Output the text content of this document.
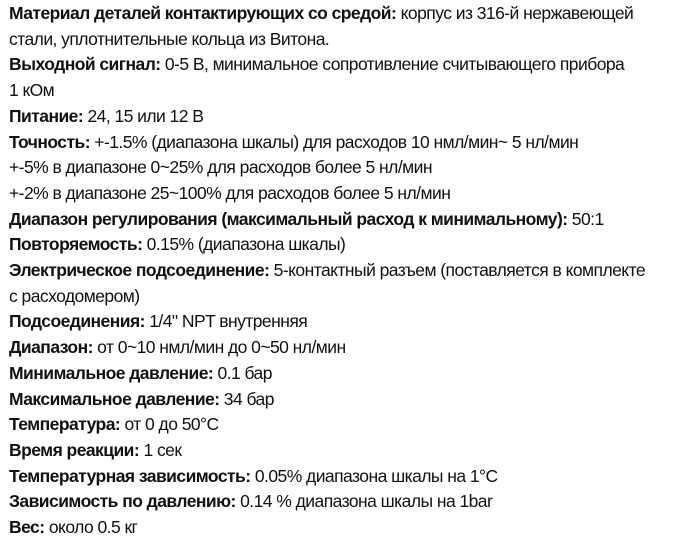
Материал деталей контактирующих со средой: корпус из 316-й нержавеющей
стали, уплотнительные кольца из Витона.
Выходной сигнал: 0-5 В, минимальное сопротивление считывающего прибора
1 кОм
Питание: 24, 15 или 12 В
Точность: +-1.5% (диапазона шкалы) для расходов 10 нмл/мин~ 5 нл/мин
+-5% в диапазоне 0~25% для расходов более 5 нл/мин
+-2% в диапазоне 25~100% для расходов более 5 нл/мин
Диапазон регулирования (максимальный расход к минимальному): 50:1
Повторяемость: 0.15% (диапазона шкалы)
Электрическое подсоединение: 5-контактный разъем (поставляется в комплекте
с расходомером)
Подсоединения: 1/4" NPT внутренняя
Диапазон: от 0~10 нмл/мин до 0~50 нл/мин
Минимальное давление: 0.1 бар
Максимальное давление: 34 бар
Температура: от 0 до 50°C
Время реакции: 1 сек
Температурная зависимость: 0.05% диапазона шкалы на 1°C
Зависимость по давлению: 0.14 % диапазона шкалы на 1bar
Вес: около 0.5 кг
